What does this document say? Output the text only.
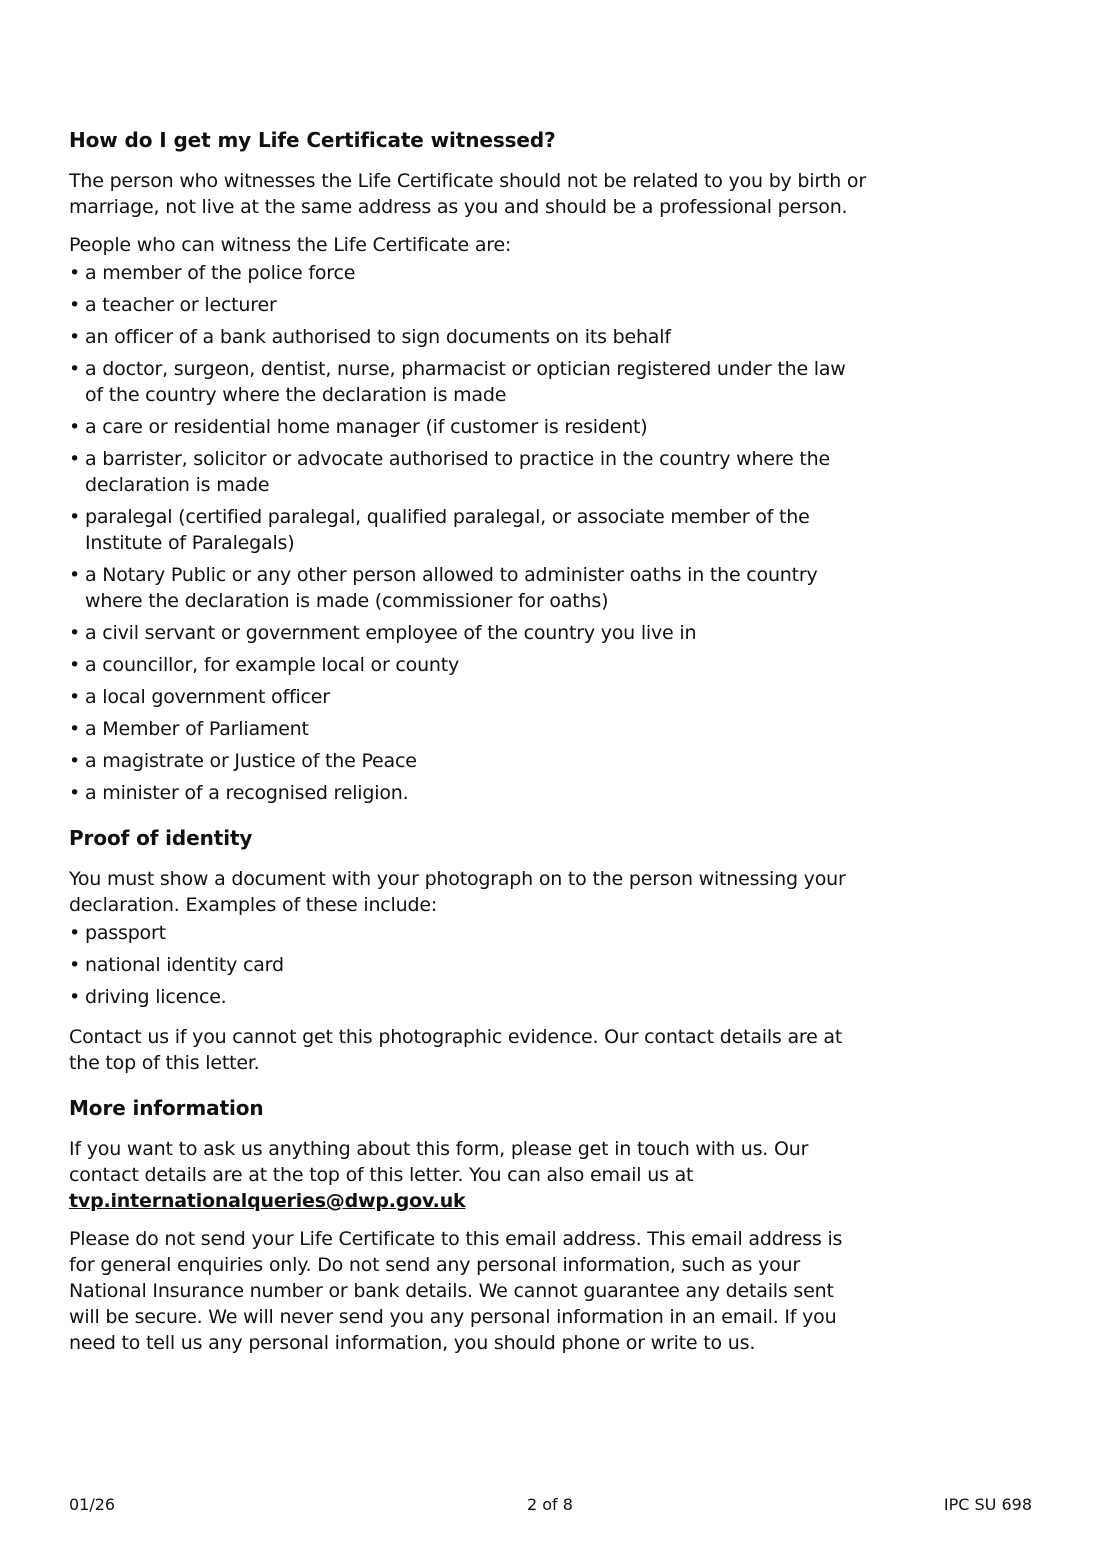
How do I get my Life Certificate witnessed?

The person who witnesses the Life Certificate should not be related to you by birth or marriage, not live at the same address as you and should be a professional person.

People who can witness the Life Certificate are:

• a member of the police force
• a teacher or lecturer
• an officer of a bank authorised to sign documents on its behalf
• a doctor, surgeon, dentist, nurse, pharmacist or optician registered under the law of the country where the declaration is made
• a care or residential home manager (if customer is resident)
• a barrister, solicitor or advocate authorised to practice in the country where the declaration is made
• paralegal (certified paralegal, qualified paralegal, or associate member of the Institute of Paralegals)
• a Notary Public or any other person allowed to administer oaths in the country where the declaration is made (commissioner for oaths)
• a civil servant or government employee of the country you live in
• a councillor, for example local or county
• a local government officer
• a Member of Parliament
• a magistrate or Justice of the Peace
• a minister of a recognised religion.
Proof of identity

You must show a document with your photograph on to the person witnessing your declaration. Examples of these include:

• passport
• national identity card
• driving licence.

Contact us if you cannot get this photographic evidence. Our contact details are at the top of this letter.

More information

If you want to ask us anything about this form, please get in touch with us. Our contact details are at the top of this letter. You can also email us at
tvp.internationalqueries@dwp.gov.uk

Please do not send your Life Certificate to this email address. This email address is for general enquiries only. Do not send any personal information, such as your National Insurance number or bank details. We cannot guarantee any details sent will be secure. We will never send you any personal information in an email. If you need to tell us any personal information, you should phone or write to us.

01/26	2 of 8	IPC SU 698
